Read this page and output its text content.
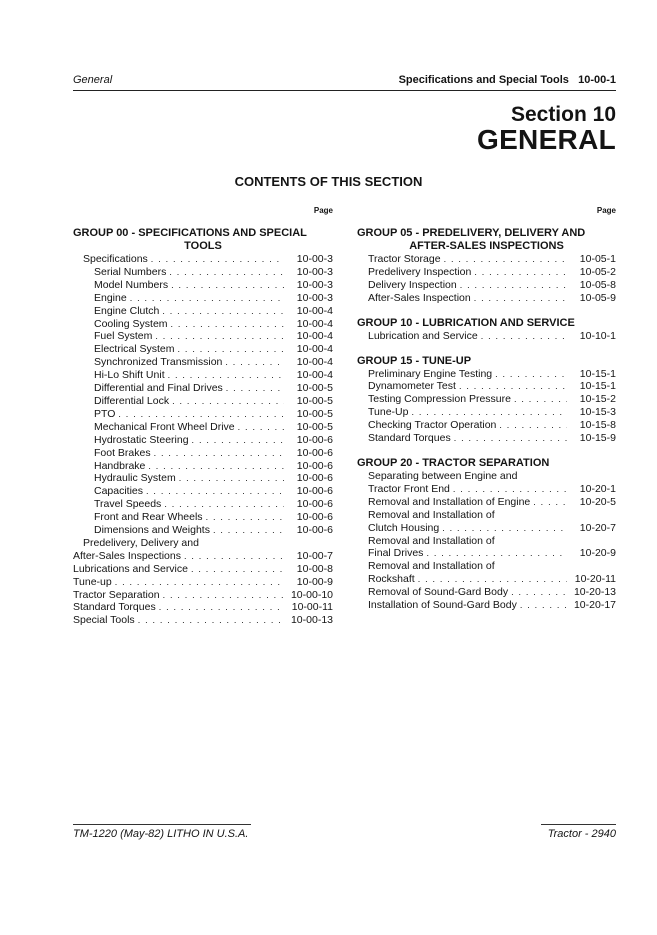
General	Specifications and Special Tools   10-00-1
Section 10
GENERAL
CONTENTS OF THIS SECTION
Page
GROUP 00 - SPECIFICATIONS AND SPECIAL
TOOLS
Specifications . . .	10-00-3
Serial Numbers . . .	10-00-3
Model Numbers . . .	10-00-3
Engine . . .	10-00-3
Engine Clutch . . .	10-00-4
Cooling System . . .	10-00-4
Fuel System . . .	10-00-4
Electrical System . . .	10-00-4
Synchronized Transmission . . .	10-00-4
Hi-Lo Shift Unit . . .	10-00-4
Differential and Final Drives . . .	10-00-5
Differential Lock . . .	10-00-5
PTO . . .	10-00-5
Mechanical Front Wheel Drive . . .	10-00-5
Hydrostatic Steering . . .	10-00-6
Foot Brakes . . .	10-00-6
Handbrake . . .	10-00-6
Hydraulic System . . .	10-00-6
Capacities . . .	10-00-6
Travel Speeds . . .	10-00-6
Front and Rear Wheels . . .	10-00-6
Dimensions and Weights . . .	10-00-6
Predelivery, Delivery and
After-Sales Inspections . . .	10-00-7
Lubrications and Service . . .	10-00-8
Tune-up . . .	10-00-9
Tractor Separation . . .	10-00-10
Standard Torques . . .	10-00-11
Special Tools . . .	10-00-13
Page
GROUP 05 - PREDELIVERY, DELIVERY AND
AFTER-SALES INSPECTIONS
Tractor Storage . . .	10-05-1
Predelivery Inspection . . .	10-05-2
Delivery Inspection . . .	10-05-8
After-Sales Inspection . . .	10-05-9
GROUP 10 - LUBRICATION AND SERVICE
Lubrication and Service . . .	10-10-1
GROUP 15 - TUNE-UP
Preliminary Engine Testing . . .	10-15-1
Dynamometer Test . . .	10-15-1
Testing Compression Pressure . . .	10-15-2
Tune-Up . . .	10-15-3
Checking Tractor Operation . . .	10-15-8
Standard Torques . . .	10-15-9
GROUP 20 - TRACTOR SEPARATION
Separating between Engine and
Tractor Front End . . .	10-20-1
Removal and Installation of Engine . . .	10-20-5
Removal and Installation of
Clutch Housing . . .	10-20-7
Removal and Installation of
Final Drives . . .	10-20-9
Removal and Installation of
Rockshaft . . .	10-20-11
Removal of Sound-Gard Body . . .	10-20-13
Installation of Sound-Gard Body . . .	10-20-17
TM-1220 (May-82) LITHO IN U.S.A.	Tractor - 2940
